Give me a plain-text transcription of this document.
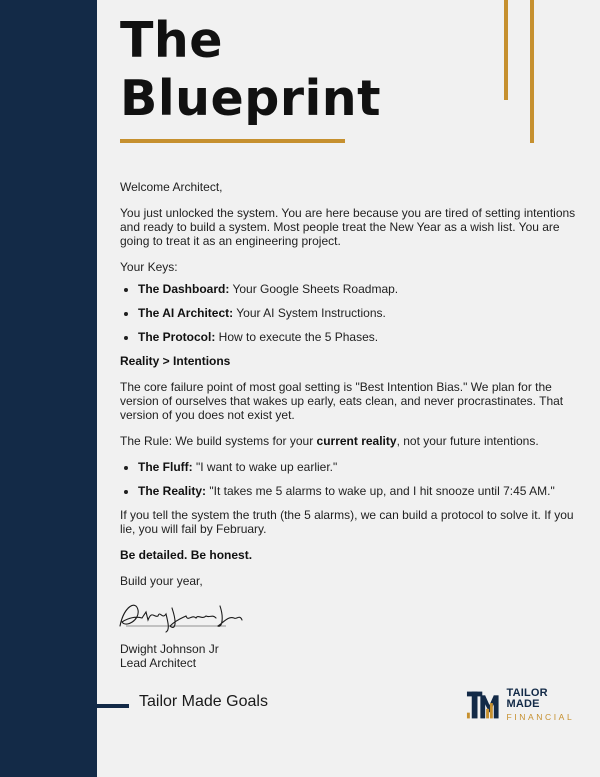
The
Blueprint

Welcome Architect,

You just unlocked the system. You are here because you are tired of setting intentions and ready to build a system. Most people treat the New Year as a wish list. You are going to treat it as an engineering project.

Your Keys:

• The Dashboard: Your Google Sheets Roadmap.
• The AI Architect: Your AI System Instructions.
• The Protocol: How to execute the 5 Phases.

Reality > Intentions

The core failure point of most goal setting is "Best Intention Bias." We plan for the version of ourselves that wakes up early, eats clean, and never procrastinates. That version of you does not exist yet.

The Rule: We build systems for your current reality, not your future intentions.

• The Fluff: "I want to wake up earlier."
• The Reality: "It takes me 5 alarms to wake up, and I hit snooze until 7:45 AM."

If you tell the system the truth (the 5 alarms), we can build a protocol to solve it. If you lie, you will fail by February.

Be detailed. Be honest.

Build your year,

Dwight Johnson Jr

Lead Architect

Tailor Made Goals	TAILOR MADE
FINANCIAL
